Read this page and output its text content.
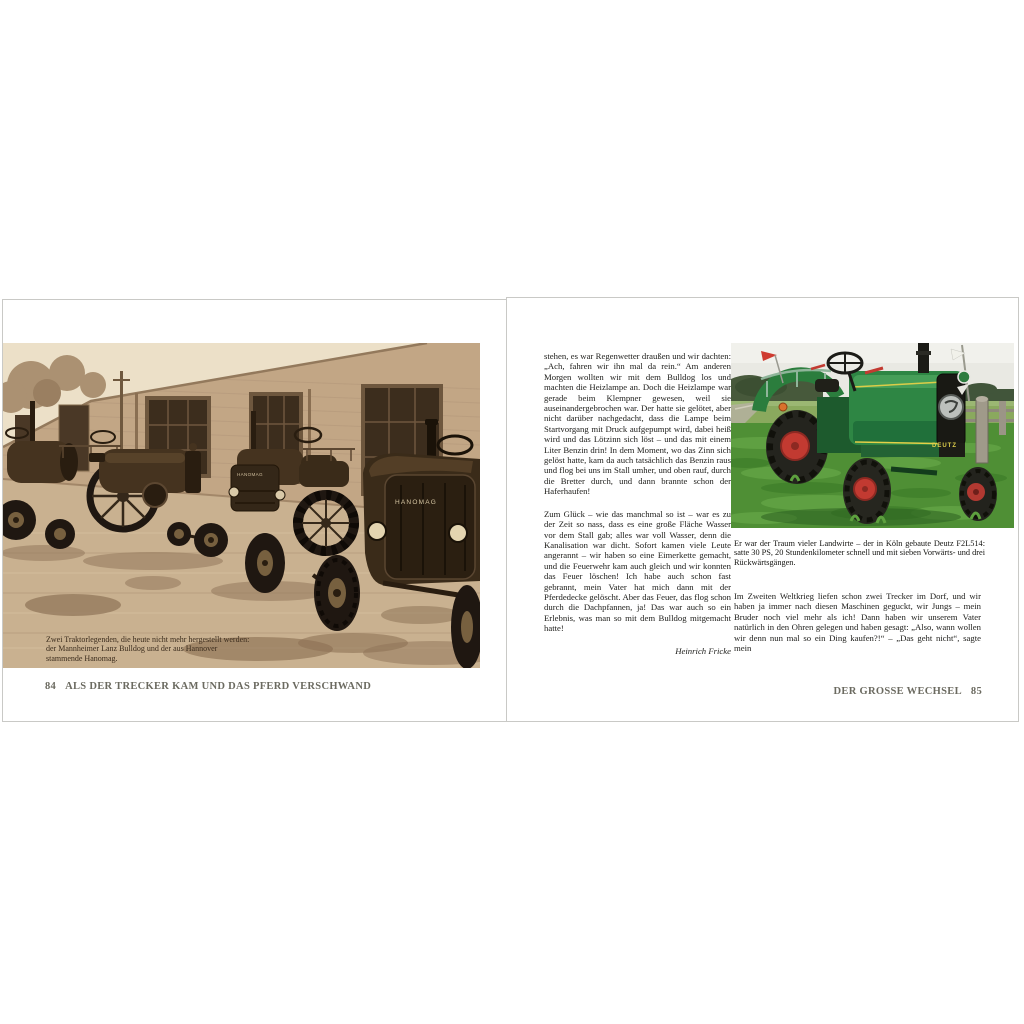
HANOMAG
HANOMAG
Zwei Traktorlegenden, die heute nicht mehr hergestellt werden: der Mannheimer Lanz Bulldog und der aus Hannover stammende Hanomag.
84 ALS DER TRECKER KAM UND DAS PFERD VERSCHWAND

stehen, es war Regenwetter draußen und wir dachten: „Ach, fahren wir ihn mal da rein.“ Am anderen Morgen wollten wir mit dem Bulldog los und machten die Heizlampe an. Doch die Heizlampe war gerade beim Klempner gewesen, weil sie auseinandergebrochen war. Der hatte sie gelötet, aber nicht darüber nachgedacht, dass die Lampe beim Startvorgang mit Druck aufgepumpt wird, dabei heiß wird und das Lötzinn sich löst – und das mit einem Liter Benzin drin! In dem Moment, wo das Zinn sich gelöst hatte, kam da auch tatsächlich das Benzin raus und flog bei uns im Stall umher, und oben rauf, durch die Bretter durch, und dann brannte schon der Haferhaufen!

Zum Glück – wie das manchmal so ist – war es zu der Zeit so nass, dass es eine große Fläche Wasser vor dem Stall gab; alles war voll Wasser, denn die Kanalisation war dicht. Sofort kamen viele Leute angerannt – wir haben so eine Eimerkette gemacht, und die Feuerwehr kam auch gleich und wir konnten das Feuer löschen! Ich habe auch schon fast gebrannt, mein Vater hat mich dann mit der Pferdedecke gelöscht. Aber das Feuer, das flog schon durch die Dachpfannen, ja! Das war auch so ein Erlebnis, was man so mit dem Bulldog mitgemacht hatte!

Heinrich Fricke

DEUTZ
Er war der Traum vieler Landwirte – der in Köln gebaute Deutz F2L514: satte 30 PS, 20 Stundenkilometer schnell und mit sieben Vorwärts- und drei Rückwärtsgängen.
Im Zweiten Weltkrieg liefen schon zwei Trecker im Dorf, und wir haben ja immer nach diesen Maschinen geguckt, wir Jungs – mein Bruder noch viel mehr als ich! Dann haben wir unserem Vater natürlich in den Ohren gelegen und haben gesagt: „Also, wann wollen wir denn nun mal so ein Ding kaufen?!“ – „Das geht nicht“, sagte mein
DER GROSSE WECHSEL 85
